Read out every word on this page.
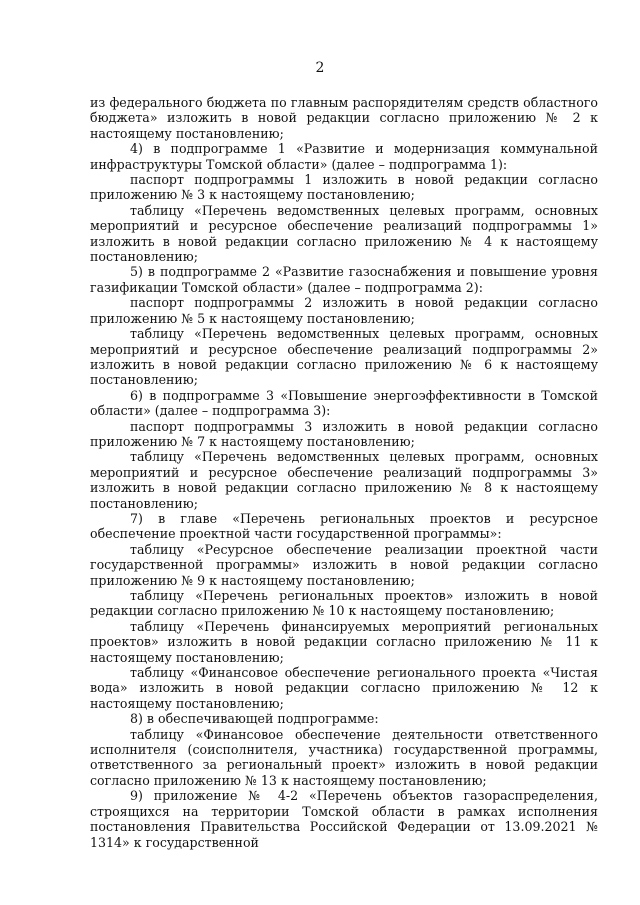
2

из федерального бюджета по главным распорядителям средств областного бюджета» изложить в новой редакции согласно приложению № 2 к настоящему постановлению;

4) в подпрограмме 1 «Развитие и модернизация коммунальной инфраструктуры Томской области» (далее – подпрограмма 1):

паспорт подпрограммы 1 изложить в новой редакции согласно приложению № 3 к настоящему постановлению;

таблицу «Перечень ведомственных целевых программ, основных мероприятий и ресурсное обеспечение реализаций подпрограммы 1» изложить в новой редакции согласно приложению № 4 к настоящему постановлению;

5) в подпрограмме 2 «Развитие газоснабжения и повышение уровня газификации Томской области» (далее – подпрограмма 2):

паспорт подпрограммы 2 изложить в новой редакции согласно приложению № 5 к настоящему постановлению;

таблицу «Перечень ведомственных целевых программ, основных мероприятий и ресурсное обеспечение реализаций подпрограммы 2» изложить в новой редакции согласно приложению № 6 к настоящему постановлению;

6) в подпрограмме 3 «Повышение энергоэффективности в Томской области» (далее – подпрограмма 3):

паспорт подпрограммы 3 изложить в новой редакции согласно приложению № 7 к настоящему постановлению;

таблицу «Перечень ведомственных целевых программ, основных мероприятий и ресурсное обеспечение реализаций подпрограммы 3» изложить в новой редакции согласно приложению № 8 к настоящему постановлению;

7) в главе «Перечень региональных проектов и ресурсное обеспечение проектной части государственной программы»:

таблицу «Ресурсное обеспечение реализации проектной части государственной программы» изложить в новой редакции согласно приложению № 9 к настоящему постановлению;

таблицу «Перечень региональных проектов» изложить в новой редакции согласно приложению № 10 к настоящему постановлению;

таблицу «Перечень финансируемых мероприятий региональных проектов» изложить в новой редакции согласно приложению № 11 к настоящему постановлению;

таблицу «Финансовое обеспечение регионального проекта «Чистая вода» изложить в новой редакции согласно приложению № 12 к настоящему постановлению;

8) в обеспечивающей подпрограмме:

таблицу «Финансовое обеспечение деятельности ответственного исполнителя (соисполнителя, участника) государственной программы, ответственного за региональный проект» изложить в новой редакции согласно приложению № 13 к настоящему постановлению;

9) приложение № 4-2 «Перечень объектов газораспределения, строящихся на территории Томской области в рамках исполнения постановления Правительства Российской Федерации от 13.09.2021 № 1314» к государственной
